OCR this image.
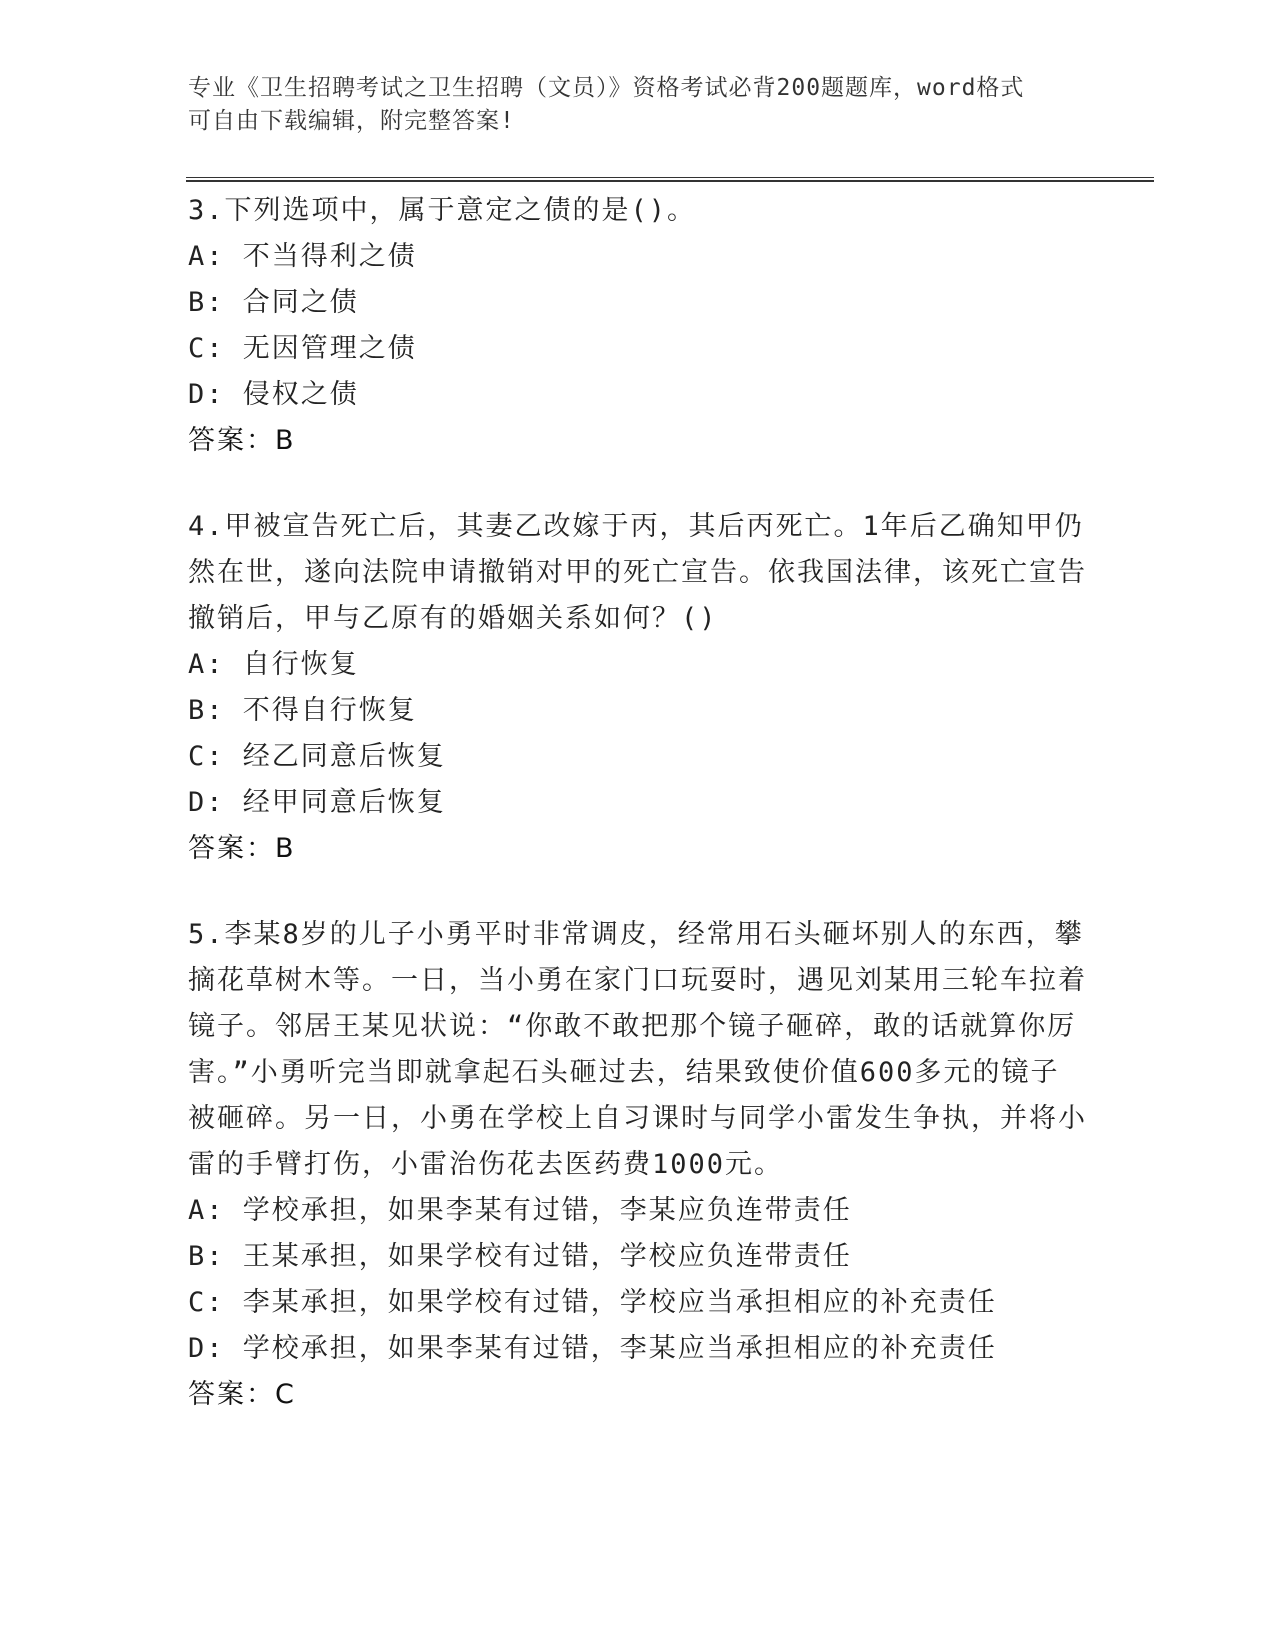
专业《卫生招聘考试之卫生招聘（文员）》资格考试必背200题题库，word格式
可自由下载编辑，附完整答案!

3.下列选项中，属于意定之债的是()。

A: 不当得利之债

B: 合同之债

C: 无因管理之债

D: 侵权之债

答案：B

4.甲被宣告死亡后，其妻乙改嫁于丙，其后丙死亡。1年后乙确知甲仍然在世，遂向法院申请撤销对甲的死亡宣告。依我国法律，该死亡宣告撤销后，甲与乙原有的婚姻关系如何？()

A: 自行恢复

B: 不得自行恢复

C: 经乙同意后恢复

D: 经甲同意后恢复

答案：B

5.李某8岁的儿子小勇平时非常调皮，经常用石头砸坏别人的东西，攀摘花草树木等。一日，当小勇在家门口玩耍时，遇见刘某用三轮车拉着镜子。邻居王某见状说：“你敢不敢把那个镜子砸碎，敢的话就算你厉害。”小勇听完当即就拿起石头砸过去，结果致使价值600多元的镜子被砸碎。另一日，小勇在学校上自习课时与同学小雷发生争执，并将小雷的手臂打伤，小雷治伤花去医药费1000元。

A: 学校承担，如果李某有过错，李某应负连带责任

B: 王某承担，如果学校有过错，学校应负连带责任

C: 李某承担，如果学校有过错，学校应当承担相应的补充责任

D: 学校承担，如果李某有过错，李某应当承担相应的补充责任

答案：C
